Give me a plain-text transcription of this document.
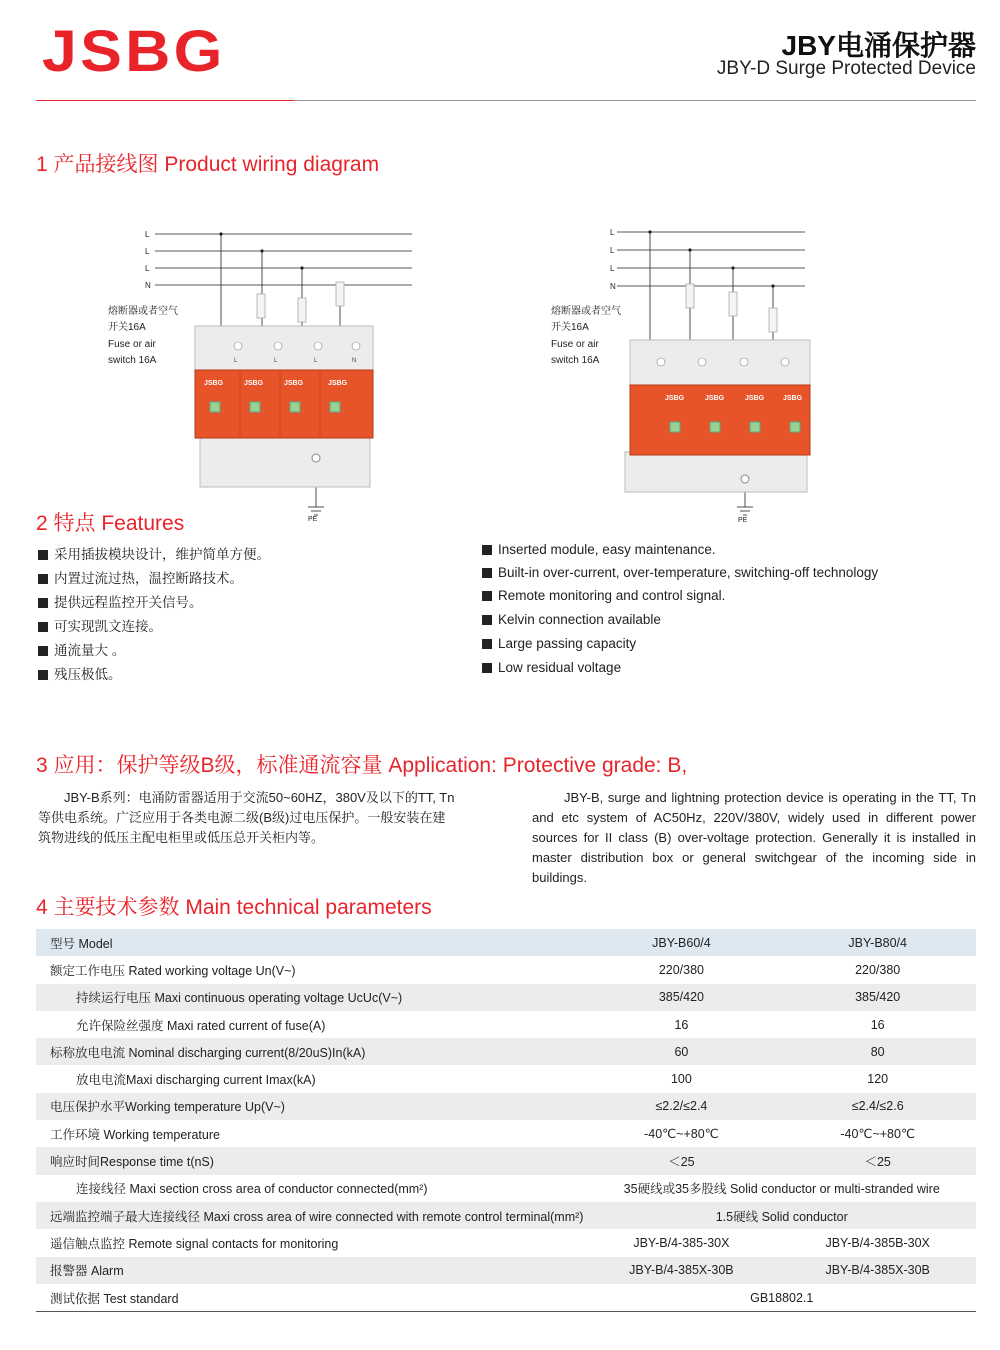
JSBG	JBY电涌保护器
JBY-D Surge Protected Device
1 产品接线图 Product wiring diagram
L
L
L
N
熔断器或者空气
开关16A
Fuse or air
switch 16A	L	L	L	N
JSBG	JSBG	JSBG	JSBG
PE
L
L
L
N
熔断器或者空气
开关16A
Fuse or air
switch 16A
JSBG	JSBG	JSBG	JSBG
PE
2 特点 Features
采用插拔模块设计，维护简单方便。
内置过流过热，温控断路技术。
提供远程监控开关信号。
可实现凯文连接。
通流量大 。
残压极低。
Inserted module, easy maintenance.
Built-in over-current, over-temperature, switching-off technology
Remote monitoring and control signal.
Kelvin connection available
Large passing capacity
Low residual voltage
3 应用：保护等级B级，标准通流容量 Application: Protective grade: B,
JBY-B系列：电涌防雷器适用于交流50~60HZ，380V及以下的TT, Tn
等供电系统。广泛应用于各类电源二级(B级)过电压保护。一般安装在建
筑物进线的低压主配电柜里或低压总开关柜内等。
JBY-B, surge and lightning protection device is operating in the TT, Tn and etc system of AC50Hz, 220V/380V, widely used in different power sources for II class (B) over-voltage protection. Generally it is installed in master distribution box or general switchgear of the incoming side in buildings.
4 主要技术参数 Main technical parameters
型号 Model	JBY-B60/4	JBY-B80/4
额定工作电压 Rated working voltage Un(V~)	220/380	220/380
持续运行电压 Maxi continuous operating voltage UcUc(V~)	385/420	385/420
允许保险丝强度 Maxi rated current of fuse(A)	16	16
标称放电电流 Nominal discharging current(8/20uS)In(kA)	60	80
放电电流Maxi discharging current Imax(kA)	100	120
电压保护水平Working temperature Up(V~)	≤2.2/≤2.4	≤2.4/≤2.6
工作环境 Working temperature	-40℃~+80℃	-40℃~+80℃
响应时间Response time t(nS)	＜25	＜25
连接线径 Maxi section cross area of conductor connected(mm²)	35硬线或35多股线 Solid conductor or multi-stranded wire	
远端监控端子最大连接线径 Maxi cross area of wire connected with remote control terminal(mm²)	1.5硬线 Solid conductor	
遥信触点监控 Remote signal contacts for monitoring	JBY-B/4-385-30X	JBY-B/4-385B-30X
报警器 Alarm	JBY-B/4-385X-30B	JBY-B/4-385X-30B
测试依据 Test standard	GB18802.1	
